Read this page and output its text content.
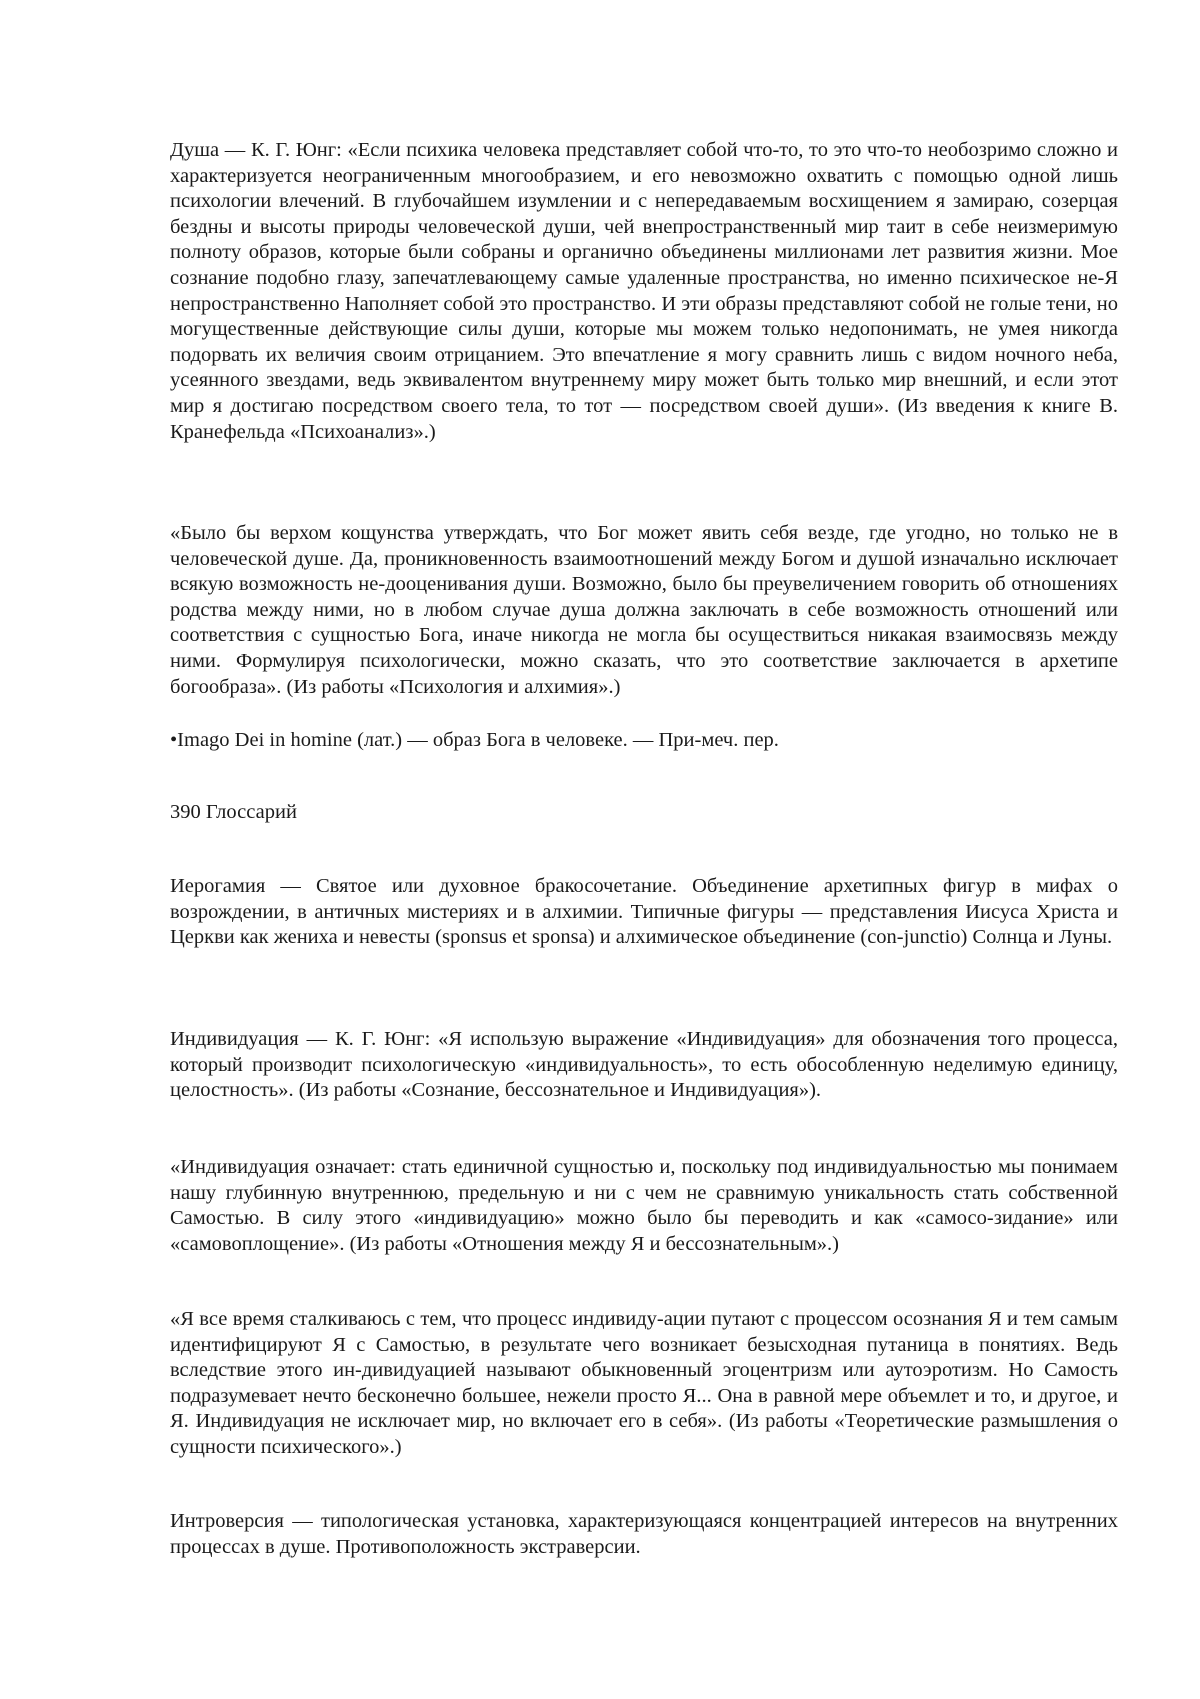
Душа — К. Г. Юнг: «Если психика человека представляет собой что-то, то это что-то необозримо сложно и характеризуется неограниченным многообразием, и его невозможно охватить с помощью одной лишь психологии влечений. В глубочайшем изумлении и с непередаваемым восхищением я замираю, созерцая бездны и высоты природы человеческой души, чей внепространственный мир таит в себе неизмеримую полноту образов, которые были собраны и органично объединены миллионами лет развития жизни. Мое сознание подобно глазу, запечатлевающему самые удаленные пространства, но именно психическое не-Я непространственно Наполняет собой это пространство. И эти образы представляют собой не голые тени, но могущественные действующие силы души, которые мы можем только недопонимать, не умея никогда подорвать их величия своим отрицанием. Это впечатление я могу сравнить лишь с видом ночного неба, усеянного звездами, ведь эквивалентом внутреннему миру может быть только мир внешний, и если этот мир я достигаю посредством своего тела, то тот — посредством своей души». (Из введения к книге В. Кранефельда «Психоанализ».)

«Было бы верхом кощунства утверждать, что Бог может явить себя везде, где угодно, но только не в человеческой душе. Да, проникновенность взаимоотношений между Богом и душой изначально исключает всякую возможность не-дооценивания души. Возможно, было бы преувеличением говорить об отношениях родства между ними, но в любом случае душа должна заключать в себе возможность отношений или соответствия с сущностью Бога, иначе никогда не могла бы осуществиться никакая взаимосвязь между ними. Формулируя психологически, можно сказать, что это соответствие заключается в архетипе богообраза». (Из работы «Психология и алхимия».)

•Imago Dei in homine (лат.) — образ Бога в человеке. — При-меч. пер.

390 Глоссарий

Иерогамия — Святое или духовное бракосочетание. Объединение архетипных фигур в мифах о возрождении, в античных мистериях и в алхимии. Типичные фигуры — представления Иисуса Христа и Церкви как жениха и невесты (sponsus et sponsa) и алхимическое объединение (con-junctio) Солнца и Луны.

Индивидуация — К. Г. Юнг: «Я использую выражение «Индивидуация» для обозначения того процесса, который производит психологическую «индивидуальность», то есть обособленную неделимую единицу, целостность». (Из работы «Сознание, бессознательное и Индивидуация»).

«Индивидуация означает: стать единичной сущностью и, поскольку под индивидуальностью мы понимаем нашу глубинную внутреннюю, предельную и ни с чем не сравнимую уникальность стать собственной Самостью. В силу этого «индивидуацию» можно было бы переводить и как «самосо-зидание» или «самовоплощение». (Из работы «Отношения между Я и бессознательным».)

«Я все время сталкиваюсь с тем, что процесс индивиду-ации путают с процессом осознания Я и тем самым идентифицируют Я с Самостью, в результате чего возникает безысходная путаница в понятиях. Ведь вследствие этого ин-дивидуацией называют обыкновенный эгоцентризм или аутоэротизм. Но Самость подразумевает нечто бесконечно большее, нежели просто Я... Она в равной мере объемлет и то, и другое, и Я. Индивидуация не исключает мир, но включает его в себя». (Из работы «Теоретические размышления о сущности психического».)

Интроверсия — типологическая установка, характеризующаяся концентрацией интересов на внутренних процессах в душе. Противоположность экстраверсии.
